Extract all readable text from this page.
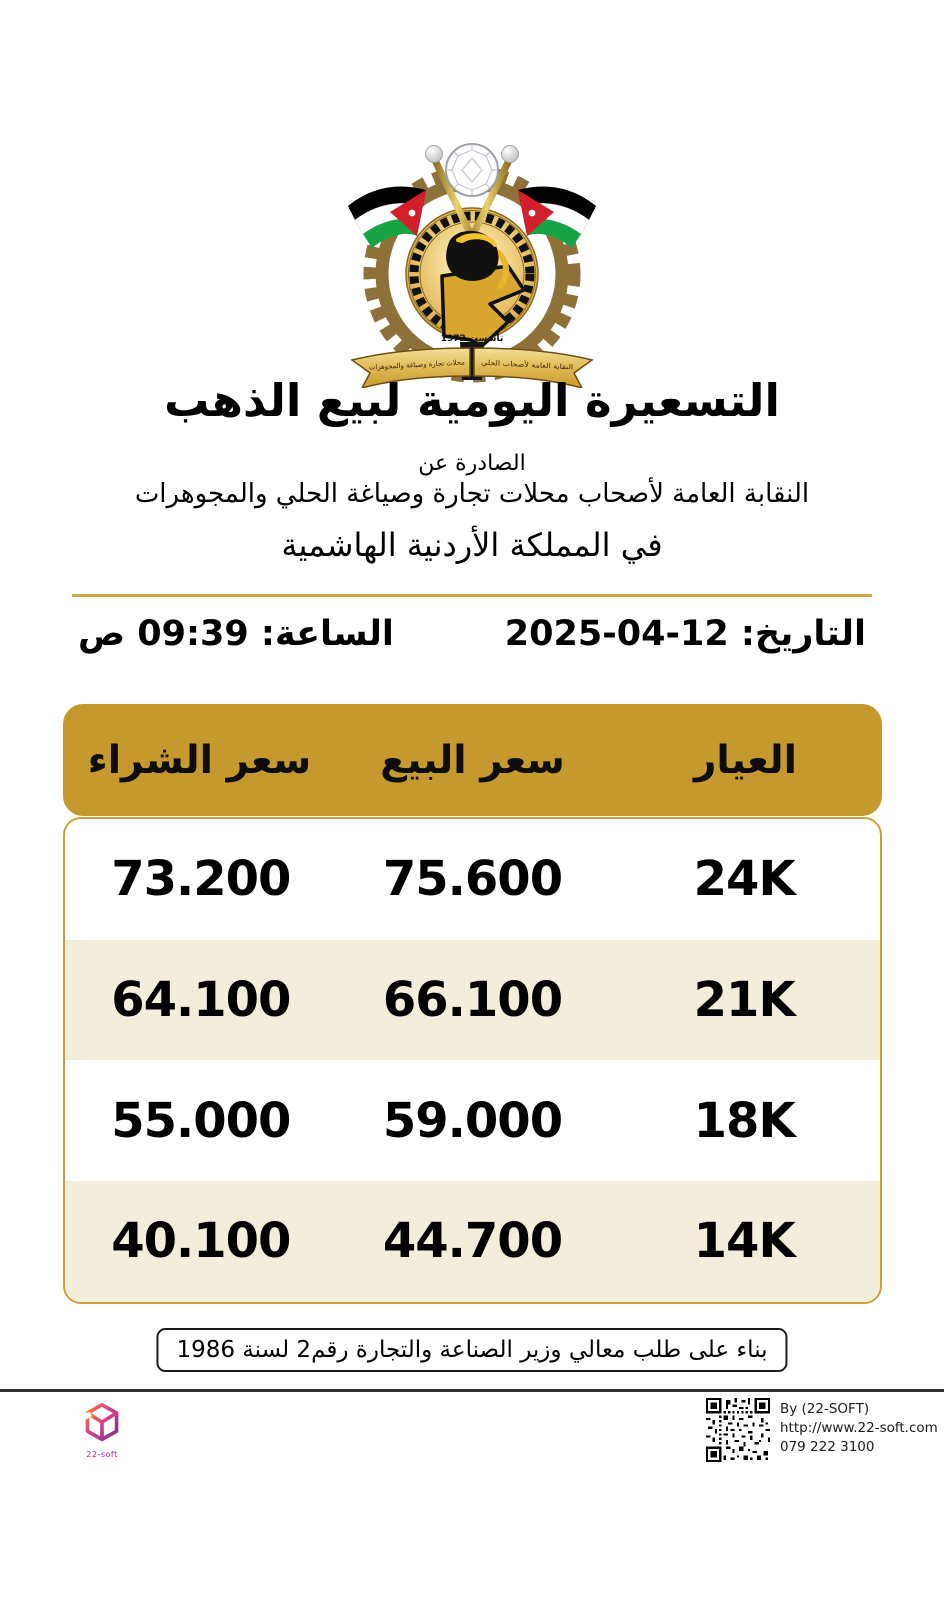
تأسست 1972
النقابة العامة لأصحاب الحلي
محلات تجارة وصياغة والمجوهرات
التسعيرة اليومية لبيع الذهب
الصادرة عن
النقابة العامة لأصحاب محلات تجارة وصياغة الحلي والمجوهرات
في المملكة الأردنية الهاشمية
التاريخ: 12-04-2025
الساعة: 09:39 ص
العيار
سعر البيع
سعر الشراء
24K
75.600
73.200
21K
66.100
64.100
18K
59.000
55.000
14K
44.700
40.100
بناء على طلب معالي وزير الصناعة والتجارة رقم2 لسنة 1986
22-soft
By (22-SOFT)
http://www.22-soft.com
079 222 3100
